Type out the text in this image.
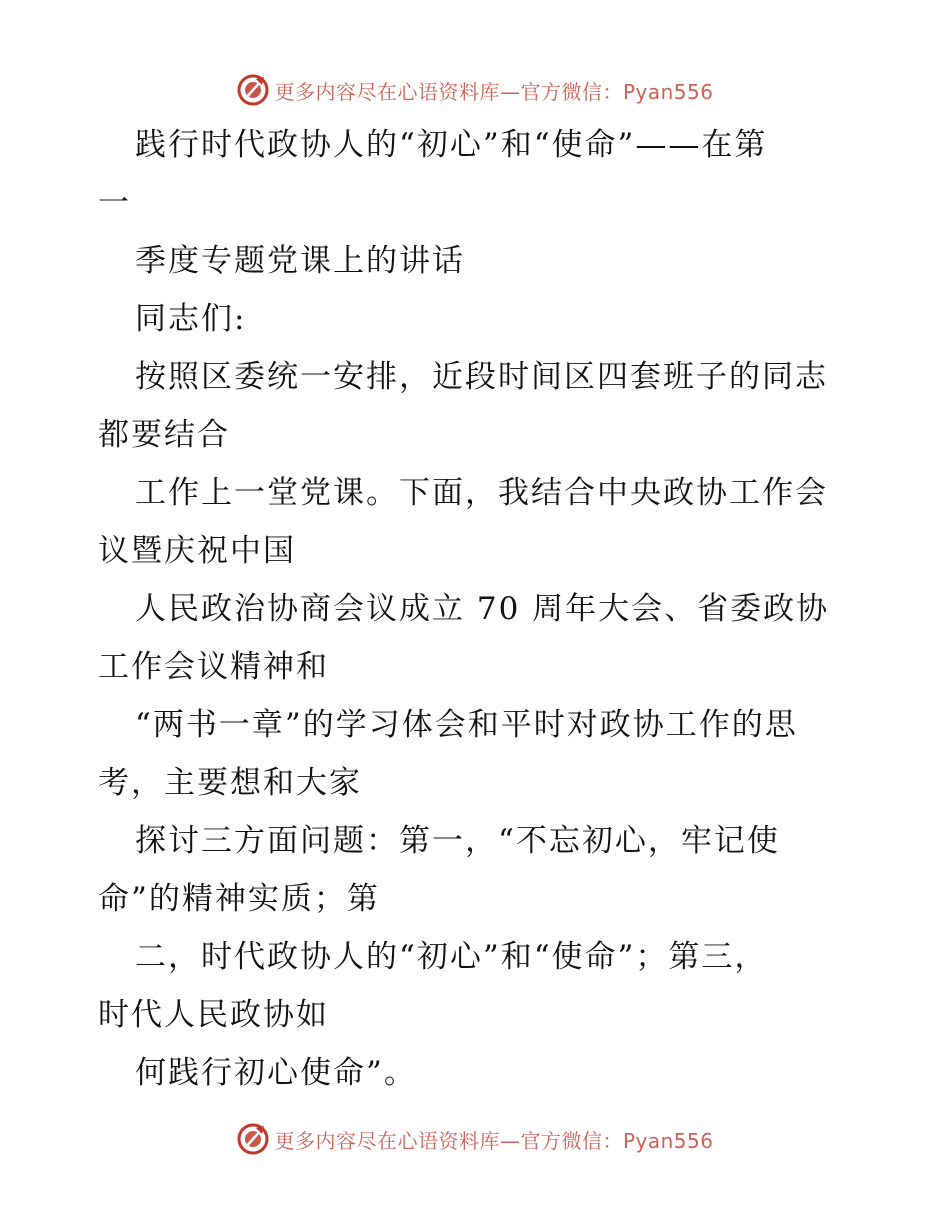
更多内容尽在心语资料库—官方微信：Pyan556
践行时代政协人的“初心”和“使命”——在第
一
季度专题党课上的讲话
同志们:
按照区委统一安排，近段时间区四套班子的同志
都要结合
工作上一堂党课。下面，我结合中央政协工作会
议暨庆祝中国
人民政治协商会议成立 70 周年大会、省委政协
工作会议精神和
“两书一章”的学习体会和平时对政协工作的思
考，主要想和大家
探讨三方面问题：第一，“不忘初心，牢记使
命”的精神实质；第
二，时代政协人的“初心”和“使命”；第三，
时代人民政协如
何践行初心使命”。
更多内容尽在心语资料库—官方微信：Pyan556
